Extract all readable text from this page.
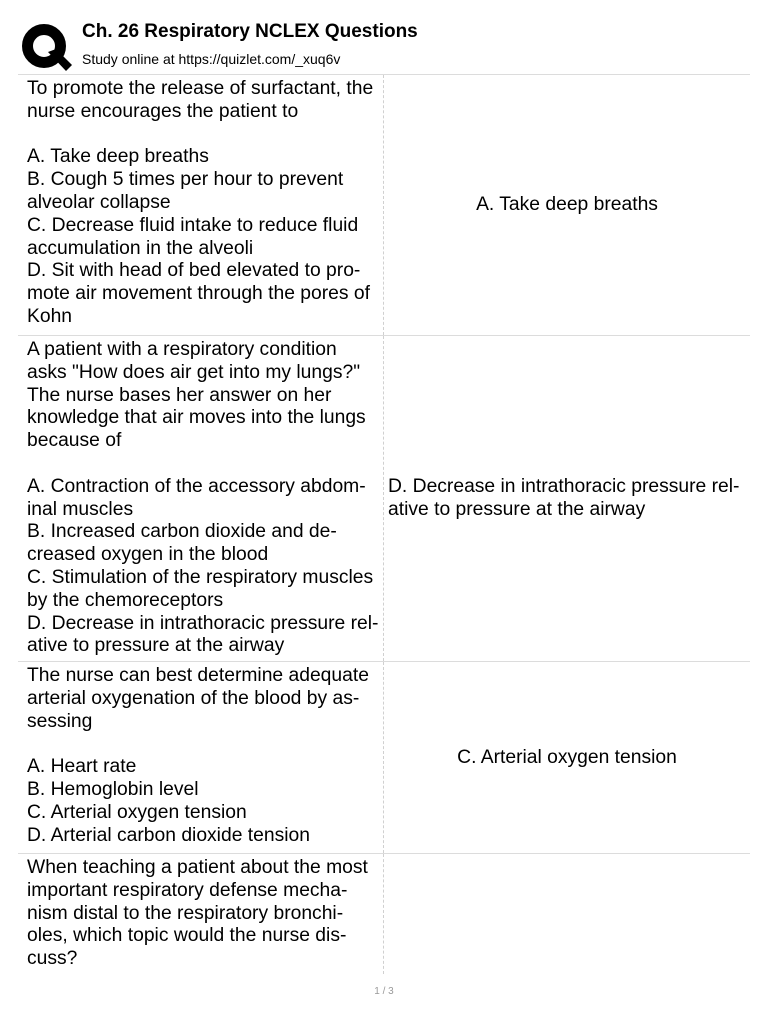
Ch. 26 Respiratory NCLEX Questions
Study online at https://quizlet.com/_xuq6v
To promote the release of surfactant, the
nurse encourages the patient to

A. Take deep breaths
B. Cough 5 times per hour to prevent
alveolar collapse
C. Decrease fluid intake to reduce fluid
accumulation in the alveoli
D. Sit with head of bed elevated to pro-
mote air movement through the pores of
Kohn
A. Take deep breaths
A patient with a respiratory condition
asks "How does air get into my lungs?"
The nurse bases her answer on her
knowledge that air moves into the lungs
because of

A. Contraction of the accessory abdom-
inal muscles
B. Increased carbon dioxide and de-
creased oxygen in the blood
C. Stimulation of the respiratory muscles
by the chemoreceptors
D. Decrease in intrathoracic pressure rel-
ative to pressure at the airway
D. Decrease in intrathoracic pressure rel-
ative to pressure at the airway
The nurse can best determine adequate
arterial oxygenation of the blood by as-
sessing

A. Heart rate
B. Hemoglobin level
C. Arterial oxygen tension
D. Arterial carbon dioxide tension
C. Arterial oxygen tension
When teaching a patient about the most
important respiratory defense mecha-
nism distal to the respiratory bronchi-
oles, which topic would the nurse dis-
cuss?
1 / 3
